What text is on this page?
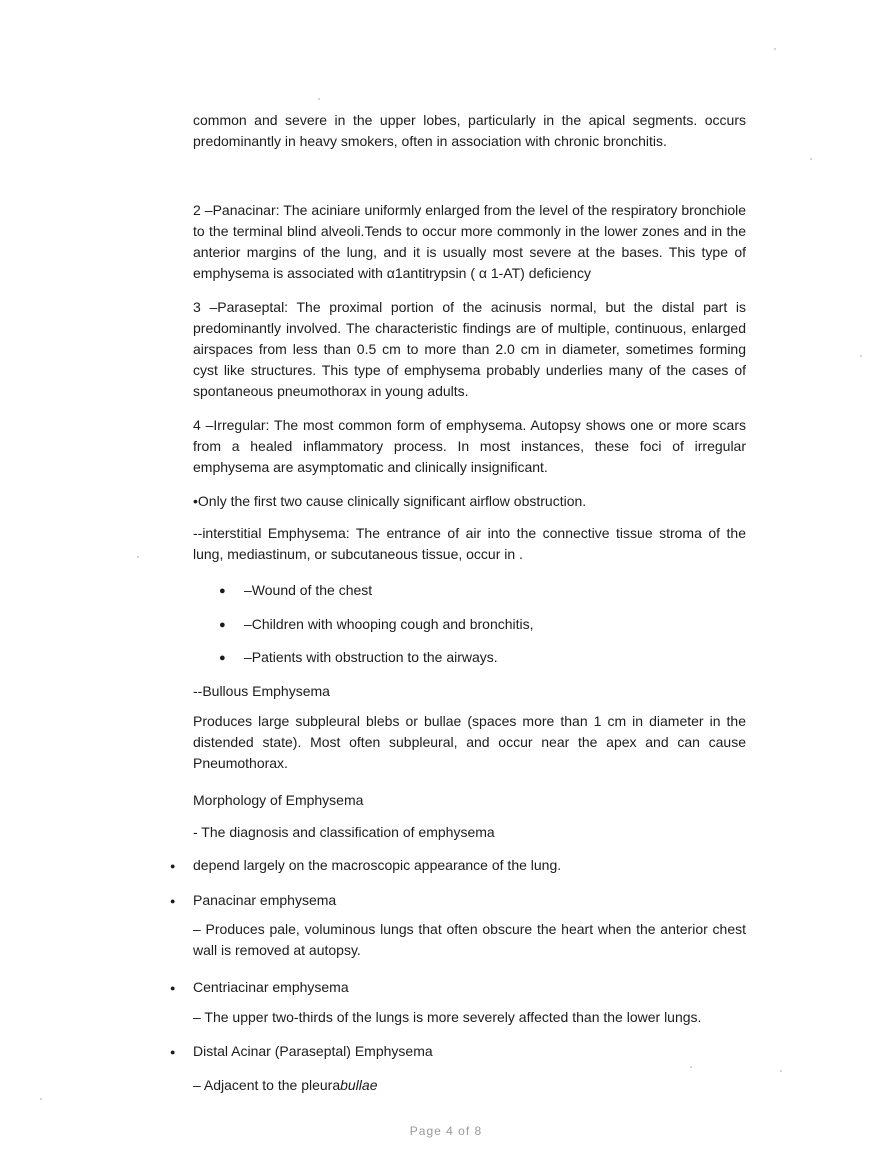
common and severe in the upper lobes, particularly in the apical segments. occurs predominantly in heavy smokers, often in association with chronic bronchitis.
2 –Panacinar: The aciniare uniformly enlarged from the level of the respiratory bronchiole to the terminal blind alveoli.Tends to occur more commonly in the lower zones and in the anterior margins of the lung, and it is usually most severe at the bases. This type of emphysema is associated with α1antitrypsin ( α 1-AT) deficiency
3 –Paraseptal: The proximal portion of the acinusis normal, but the distal part is predominantly involved. The characteristic findings are of multiple, continuous, enlarged airspaces from less than 0.5 cm to more than 2.0 cm in diameter, sometimes forming cyst like structures. This type of emphysema probably underlies many of the cases of spontaneous pneumothorax in young adults.
4 –Irregular: The most common form of emphysema. Autopsy shows one or more scars from a healed inflammatory process. In most instances, these foci of irregular emphysema are asymptomatic and clinically insignificant.
•Only the first two cause clinically significant airflow obstruction.
--interstitial Emphysema: The entrance of air into the connective tissue stroma of the lung, mediastinum, or subcutaneous tissue, occur in .
● –Wound of the chest
● –Children with whooping cough and bronchitis,
● –Patients with obstruction to the airways.
--Bullous Emphysema
Produces large subpleural blebs or bullae (spaces more than 1 cm in diameter in the distended state). Most often subpleural, and occur near the apex and can cause Pneumothorax.
Morphology of Emphysema
- The diagnosis and classification of emphysema
● depend largely on the macroscopic appearance of the lung.
● Panacinar emphysema
– Produces pale, voluminous lungs that often obscure the heart when the anterior chest wall is removed at autopsy.
● Centriacinar emphysema
– The upper two-thirds of the lungs is more severely affected than the lower lungs.
● Distal Acinar (Paraseptal) Emphysema
– Adjacent to the pleurabullae
Page 4 of 8
